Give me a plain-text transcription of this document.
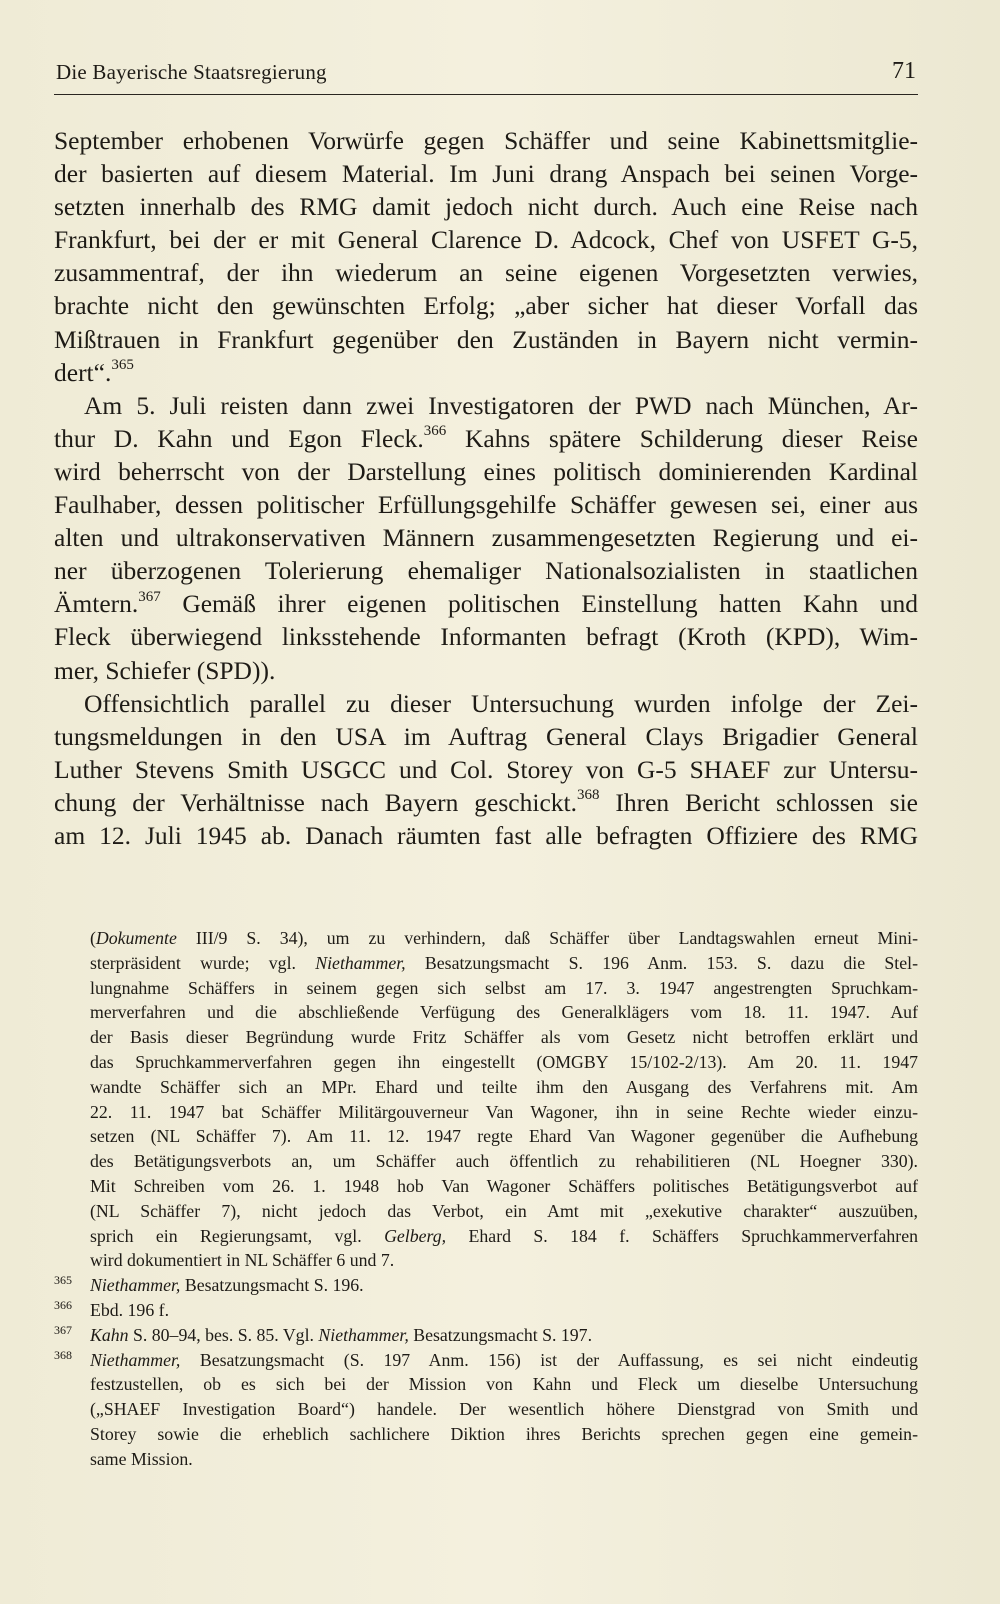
Die Bayerische Staatsregierung	71
September erhobenen Vorwürfe gegen Schäffer und seine Kabinettsmitglie-
der basierten auf diesem Material. Im Juni drang Anspach bei seinen Vorge-
setzten innerhalb des RMG damit jedoch nicht durch. Auch eine Reise nach
Frankfurt, bei der er mit General Clarence D. Adcock, Chef von USFET G-5,
zusammentraf, der ihn wiederum an seine eigenen Vorgesetzten verwies,
brachte nicht den gewünschten Erfolg; „aber sicher hat dieser Vorfall das
Mißtrauen in Frankfurt gegenüber den Zuständen in Bayern nicht vermin-
dert“.$^{365}$
Am 5. Juli reisten dann zwei Investigatoren der PWD nach München, Ar-
thur D. Kahn und Egon Fleck.$^{366}$ Kahns spätere Schilderung dieser Reise
wird beherrscht von der Darstellung eines politisch dominierenden Kardinal
Faulhaber, dessen politischer Erfüllungsgehilfe Schäffer gewesen sei, einer aus
alten und ultrakonservativen Männern zusammengesetzten Regierung und ei-
ner überzogenen Tolerierung ehemaliger Nationalsozialisten in staatlichen
Ämtern.$^{367}$ Gemäß ihrer eigenen politischen Einstellung hatten Kahn und
Fleck überwiegend linksstehende Informanten befragt (Kroth (KPD), Wim-
mer, Schiefer (SPD)).
Offensichtlich parallel zu dieser Untersuchung wurden infolge der Zei-
tungsmeldungen in den USA im Auftrag General Clays Brigadier General
Luther Stevens Smith USGCC und Col. Storey von G-5 SHAEF zur Untersu-
chung der Verhältnisse nach Bayern geschickt.$^{368}$ Ihren Bericht schlossen sie
am 12. Juli 1945 ab. Danach räumten fast alle befragten Offiziere des RMG
(Dokumente III/9 S. 34), um zu verhindern, daß Schäffer über Landtagswahlen erneut Mini-
sterpräsident wurde; vgl. Niethammer, Besatzungsmacht S. 196 Anm. 153. S. dazu die Stel-
lungnahme Schäffers in seinem gegen sich selbst am 17. 3. 1947 angestrengten Spruchkam-
merverfahren und die abschließende Verfügung des Generalklägers vom 18. 11. 1947. Auf
der Basis dieser Begründung wurde Fritz Schäffer als vom Gesetz nicht betroffen erklärt und
das Spruchkammerverfahren gegen ihn eingestellt (OMGBY 15/102-2/13). Am 20. 11. 1947
wandte Schäffer sich an MPr. Ehard und teilte ihm den Ausgang des Verfahrens mit. Am
22. 11. 1947 bat Schäffer Militärgouverneur Van Wagoner, ihn in seine Rechte wieder einzu-
setzen (NL Schäffer 7). Am 11. 12. 1947 regte Ehard Van Wagoner gegenüber die Aufhebung
des Betätigungsverbots an, um Schäffer auch öffentlich zu rehabilitieren (NL Hoegner 330).
Mit Schreiben vom 26. 1. 1948 hob Van Wagoner Schäffers politisches Betätigungsverbot auf
(NL Schäffer 7), nicht jedoch das Verbot, ein Amt mit „exekutive charakter“ auszuüben,
sprich ein Regierungsamt, vgl. Gelberg, Ehard S. 184 f. Schäffers Spruchkammerverfahren
wird dokumentiert in NL Schäffer 6 und 7.
365 Niethammer, Besatzungsmacht S. 196.
366 Ebd. 196 f.
367 Kahn S. 80–94, bes. S. 85. Vgl. Niethammer, Besatzungsmacht S. 197.
368 Niethammer, Besatzungsmacht (S. 197 Anm. 156) ist der Auffassung, es sei nicht eindeutig
festzustellen, ob es sich bei der Mission von Kahn und Fleck um dieselbe Untersuchung
(„SHAEF Investigation Board“) handele. Der wesentlich höhere Dienstgrad von Smith und
Storey sowie die erheblich sachlichere Diktion ihres Berichts sprechen gegen eine gemein-
same Mission.
